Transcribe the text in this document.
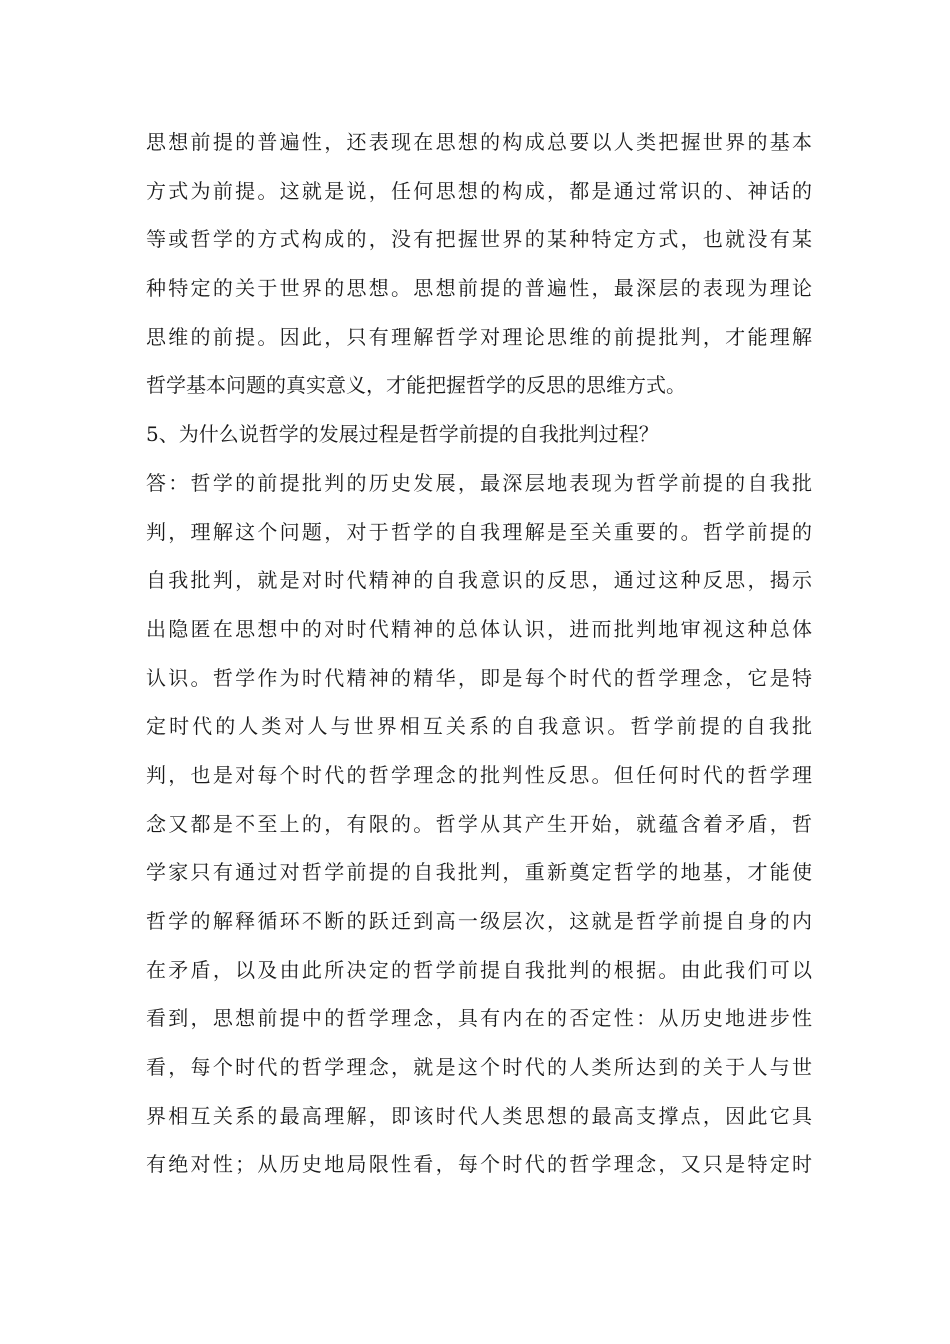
思想前提的普遍性，还表现在思想的构成总要以人类把握世界的基本
方式为前提。这就是说，任何思想的构成，都是通过常识的、神话的
等或哲学的方式构成的，没有把握世界的某种特定方式，也就没有某
种特定的关于世界的思想。思想前提的普遍性，最深层的表现为理论
思维的前提。因此，只有理解哲学对理论思维的前提批判，才能理解
哲学基本问题的真实意义，才能把握哲学的反思的思维方式。
5、为什么说哲学的发展过程是哲学前提的自我批判过程？
答：哲学的前提批判的历史发展，最深层地表现为哲学前提的自我批
判，理解这个问题，对于哲学的自我理解是至关重要的。哲学前提的
自我批判，就是对时代精神的自我意识的反思，通过这种反思，揭示
出隐匿在思想中的对时代精神的总体认识，进而批判地审视这种总体
认识。哲学作为时代精神的精华，即是每个时代的哲学理念，它是特
定时代的人类对人与世界相互关系的自我意识。哲学前提的自我批
判，也是对每个时代的哲学理念的批判性反思。但任何时代的哲学理
念又都是不至上的，有限的。哲学从其产生开始，就蕴含着矛盾，哲
学家只有通过对哲学前提的自我批判，重新奠定哲学的地基，才能使
哲学的解释循环不断的跃迁到高一级层次，这就是哲学前提自身的内
在矛盾，以及由此所决定的哲学前提自我批判的根据。由此我们可以
看到，思想前提中的哲学理念，具有内在的否定性：从历史地进步性
看，每个时代的哲学理念，就是这个时代的人类所达到的关于人与世
界相互关系的最高理解，即该时代人类思想的最高支撑点，因此它具
有绝对性；从历史地局限性看，每个时代的哲学理念，又只是特定时
